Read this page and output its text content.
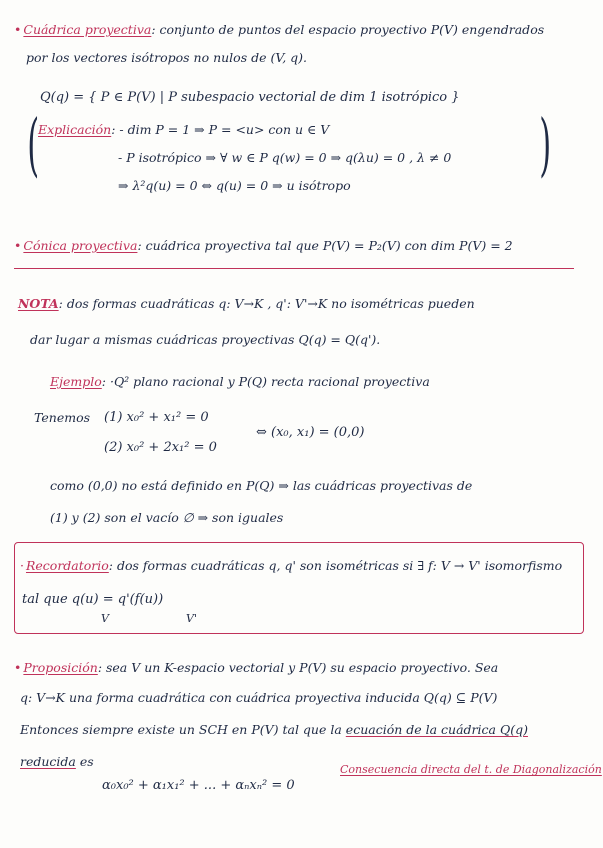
• Cuádrica proyectiva: conjunto de puntos del espacio proyectivo P(V) engendrados
por los vectores isótropos no nulos de (V, q).
Q(q) = { P ∈ P(V) | P subespacio vectorial de dim 1 isotrópico }
(	)
Explicación: - dim P = 1 ⇒ P = <u> con u ∈ V
- P isotrópico ⇒ ∀ w ∈ P q(w) = 0 ⇒ q(λu) = 0 , λ ≠ 0
⇒ λ²q(u) = 0 ⇔ q(u) = 0 ⇒ u isótropo
• Cónica proyectiva: cuádrica proyectiva tal que P(V) = P₂(V) con dim P(V) = 2
NOTA: dos formas cuadráticas q: V→K , q': V'→K no isométricas pueden
dar lugar a mismas cuádricas proyectivas Q(q) = Q(q').
Ejemplo: ·Q² plano racional y P(Q) recta racional proyectiva
Tenemos (1) x₀² + x₁² = 0
(2) x₀² + 2x₁² = 0
⇔ (x₀, x₁) = (0,0)
como (0,0) no está definido en P(Q) ⇒ las cuádricas proyectivas de
(1) y (2) son el vacío ∅ ⇒ son iguales
· Recordatorio: dos formas cuadráticas q, q' son isométricas si ∃ f: V → V' isomorfismo
tal que q(u) = q'(f(u))
V	V'
• Proposición: sea V un K-espacio vectorial y P(V) su espacio proyectivo. Sea
q: V→K una forma cuadrática con cuádrica proyectiva inducida Q(q) ⊆ P(V)
Entonces siempre existe un SCH en P(V) tal que la ecuación de la cuádrica Q(q)
reducida es
α₀x₀² + α₁x₁² + ... + αₙxₙ² = 0
Consecuencia directa del t. de Diagonalización
